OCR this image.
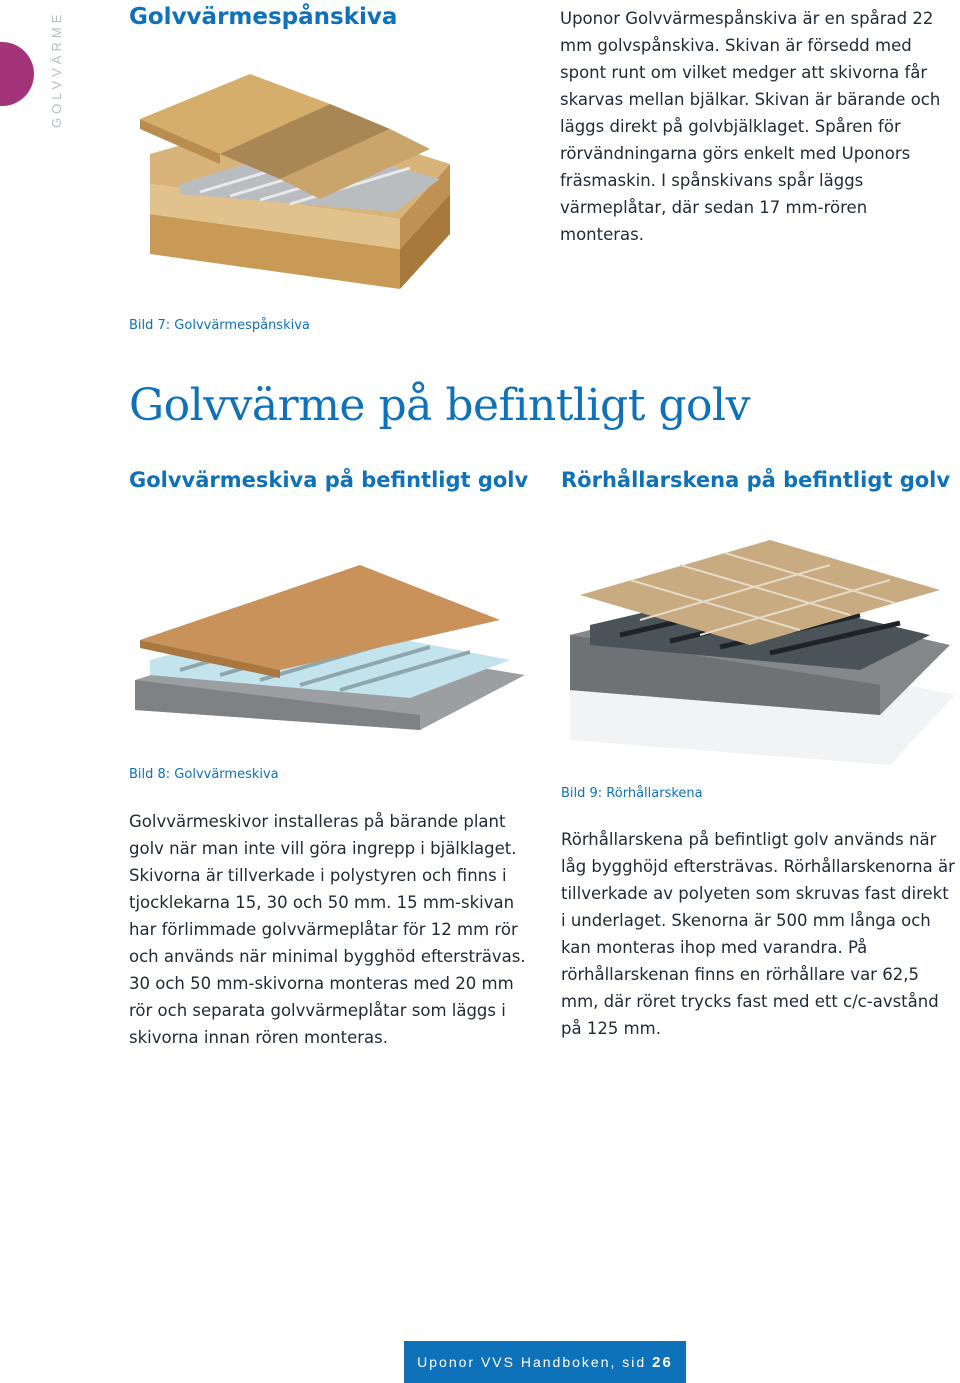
GOLVVÄRME	Golvvärmespånskiva	Uponor Golvvärmespånskiva är en spårad 22 mm golvspånskiva. Skivan är försedd med spont runt om vilket medger att skivorna får skarvas mellan bjälkar. Skivan är bärande och läggs direkt på golvbjälklaget. Spåren för rörvändningarna görs enkelt med Uponors fräsmaskin. I spånskivans spår läggs värmeplåtar, där sedan 17 mm-rören monteras.

Bild 7: Golvvärmespånskiva

Golvvärme på befintligt golv
Golvvärmeskiva på befintligt golv

Bild 8: Golvvärmeskiva

Golvvärmeskivor installeras på bärande plant golv när man inte vill göra ingrepp i bjälklaget. Skivorna är tillverkade i polystyren och finns i tjocklekarna 15, 30 och 50 mm. 15 mm-skivan har förlimmade golvvärmeplåtar för 12 mm rör och används när minimal bygghöd eftersträvas. 30 och 50 mm-skivorna monteras med 20 mm rör och separata golvvärmeplåtar som läggs i skivorna innan rören monteras.

Rörhållarskena på befintligt golv

Bild 9: Rörhållarskena

Rörhållarskena på befintligt golv används när låg bygghöjd eftersträvas. Rörhållarskenorna är tillverkade av polyeten som skruvas fast direkt i underlaget. Skenorna är 500 mm långa och kan monteras ihop med varandra. På rörhållarskenan finns en rörhållare var 62,5 mm, där röret trycks fast med ett c/c-avstånd på 125 mm.

Uponor VVS Handboken, sid 26
